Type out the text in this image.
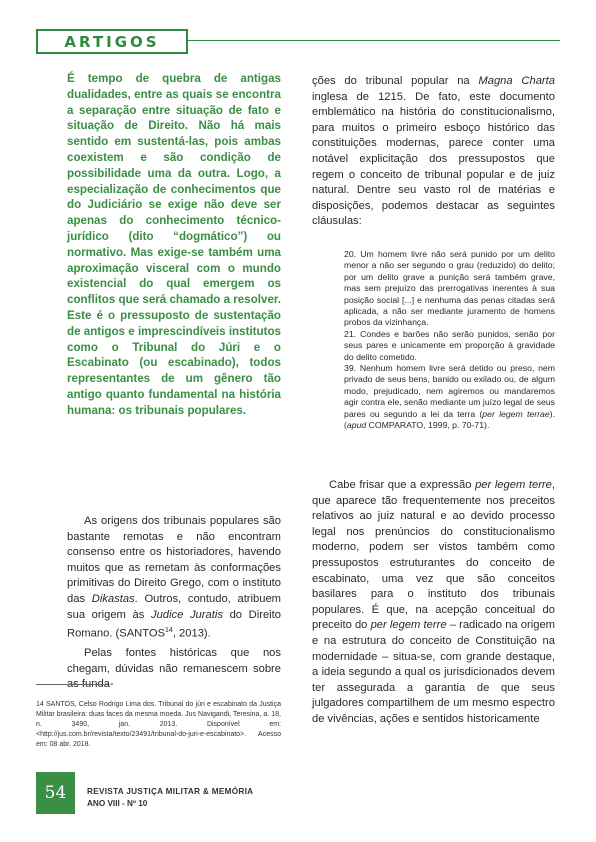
ARTIGOS
É tempo de quebra de antigas dualidades, entre as quais se encontra a separação entre situação de fato e situação de Direito. Não há mais sentido em sustentá-las, pois ambas coexistem e são condição de possibilidade uma da outra. Logo, a especialização de conhecimentos que do Judiciário se exige não deve ser apenas do conhecimento técnico-jurídico (dito “dogmático”) ou normativo. Mas exige-se também uma aproximação visceral com o mundo existencial do qual emergem os conflitos que será chamado a resolver. Este é o pressuposto de sustentação de antigos e imprescindíveis institutos como o Tribunal do Júri e o Escabinato (ou escabinado), todos representantes de um gênero tão antigo quanto fundamental na história humana: os tribunais populares.
As origens dos tribunais populares são bastante remotas e não encontram consenso entre os historiadores, havendo muitos que as remetam às conformações primitivas do Direito Grego, com o instituto das Dikastas. Outros, contudo, atribuem sua origem às Judice Juratis do Direito Romano. (SANTOS$^{14}$, 2013).
Pelas fontes históricas que nos chegam, dúvidas não remanescem sobre as funda-
ções do tribunal popular na Magna Charta inglesa de 1215. De fato, este documento emblemático na história do constitucionalismo, para muitos o primeiro esboço histórico das constituições modernas, parece conter uma notável explicitação dos pressupostos que regem o conceito de tribunal popular e de juiz natural. Dentre seu vasto rol de matérias e disposições, podemos destacar as seguintes cláusulas:

20. Um homem livre não será punido por um delito menor a não ser segundo o grau (reduzido) do delito; por um delito grave a punição será também grave, mas sem prejuízo das prerrogativas inerentes à sua posição social [...] e nenhuma das penas citadas será aplicada, a não ser mediante juramento de homens probos da vizinhança.

21. Condes e barões não serão punidos, senão por seus pares e unicamente em proporção à gravidade do delito cometido.

39. Nenhum homem livre será detido ou preso, nem privado de seus bens, banido ou exilado ou, de algum modo, prejudicado, nem agiremos ou mandaremos agir contra ele, senão mediante um juízo legal de seus pares ou segundo a lei da terra (per legem terrae). (apud COMPARATO, 1999, p. 70-71).

Cabe frisar que a expressão per legem terre, que aparece tão frequentemente nos preceitos relativos ao juiz natural e ao devido processo legal nos prenúncios do constitucionalismo moderno, podem ser vistos também como pressupostos estruturantes do conceito de escabinato, uma vez que são conceitos basilares para o instituto dos tribunais populares. É que, na acepção conceitual do preceito do per legem terre – radicado na origem e na estrutura do conceito de Constituição na modernidade – situa-se, com grande destaque, a ideia segundo a qual os jurisdicionados devem ter assegurada a garantia de que seus julgadores compartilhem de um mesmo espectro de vivências, ações e sentidos historicamente
14 SANTOS, Celso Rodrigo Lima dos. Tribunal do júri e escabinato da Justiça Militar brasileira: duas faces da mesma moeda. Jus Navigandi, Teresina, a. 18, n. 3490, jan. 2013. Disponível em: <http://jus.com.br/revista/texto/23491/tribunal-do-juri-e-escabinato>. Acesso em: 08 abr. 2018.
54	REVISTA JUSTIÇA MILITAR & MEMÓRIA
ANO VIII - Nº 10
